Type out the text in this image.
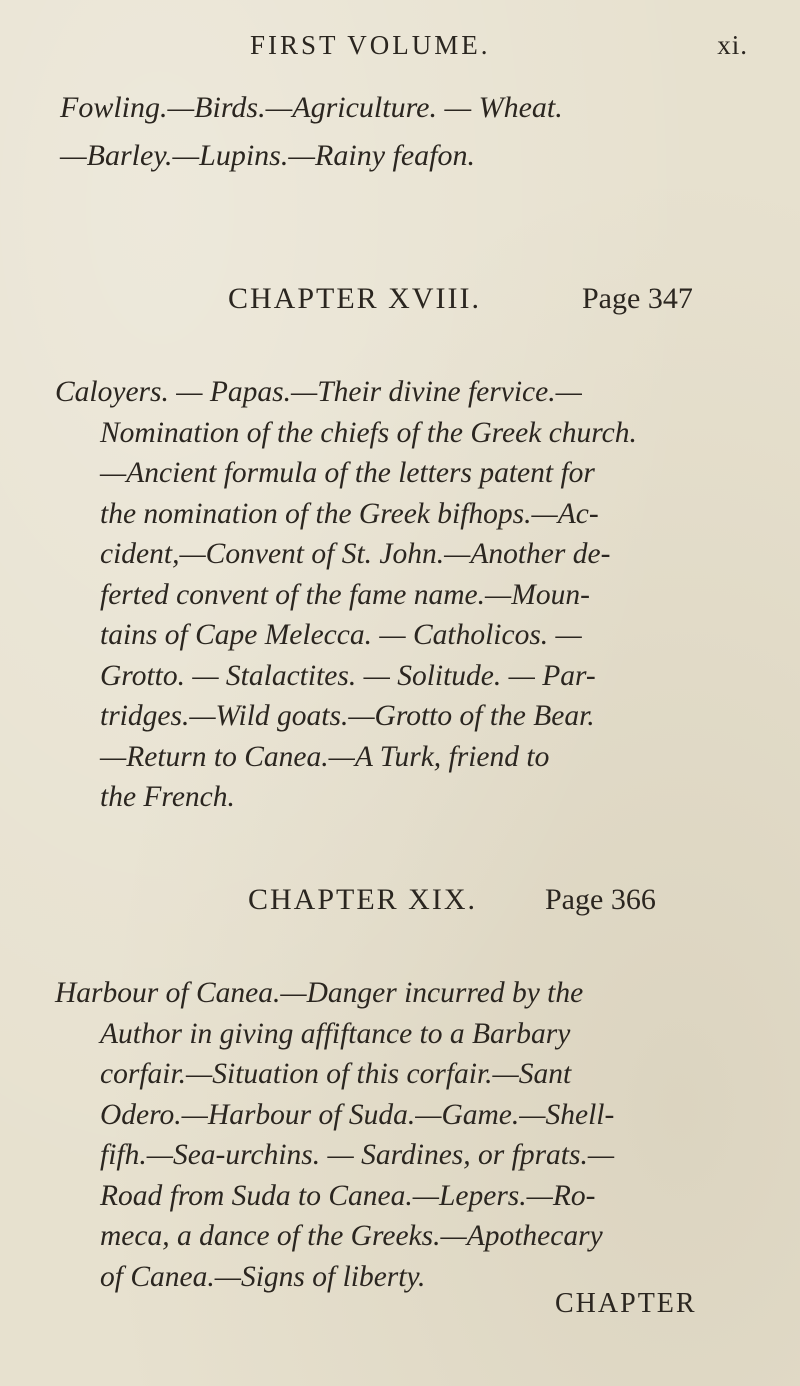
FIRST VOLUME.	xi.
Fowling.—Birds.—Agriculture. — Wheat.
—Barley.—Lupins.—Rainy feafon.
CHAPTER XVIII.	Page 347
Caloyers. — Papas.—Their divine fervice.—
Nomination of the chiefs of the Greek church.
—Ancient formula of the letters patent for
the nomination of the Greek bifhops.—Ac-
cident,—Convent of St. John.—Another de-
ferted convent of the fame name.—Moun-
tains of Cape Melecca. — Catholicos. —
Grotto. — Stalactites. — Solitude. — Par-
tridges.—Wild goats.—Grotto of the Bear.
—Return to Canea.—A Turk, friend to
the French.
CHAPTER XIX. Page 366
Harbour of Canea.—Danger incurred by the
Author in giving affiftance to a Barbary
corfair.—Situation of this corfair.—Sant
Odero.—Harbour of Suda.—Game.—Shell-
fifh.—Sea-urchins. — Sardines, or fprats.—
Road from Suda to Canea.—Lepers.—Ro-
meca, a dance of the Greeks.—Apothecary
of Canea.—Signs of liberty.
CHAPTER
